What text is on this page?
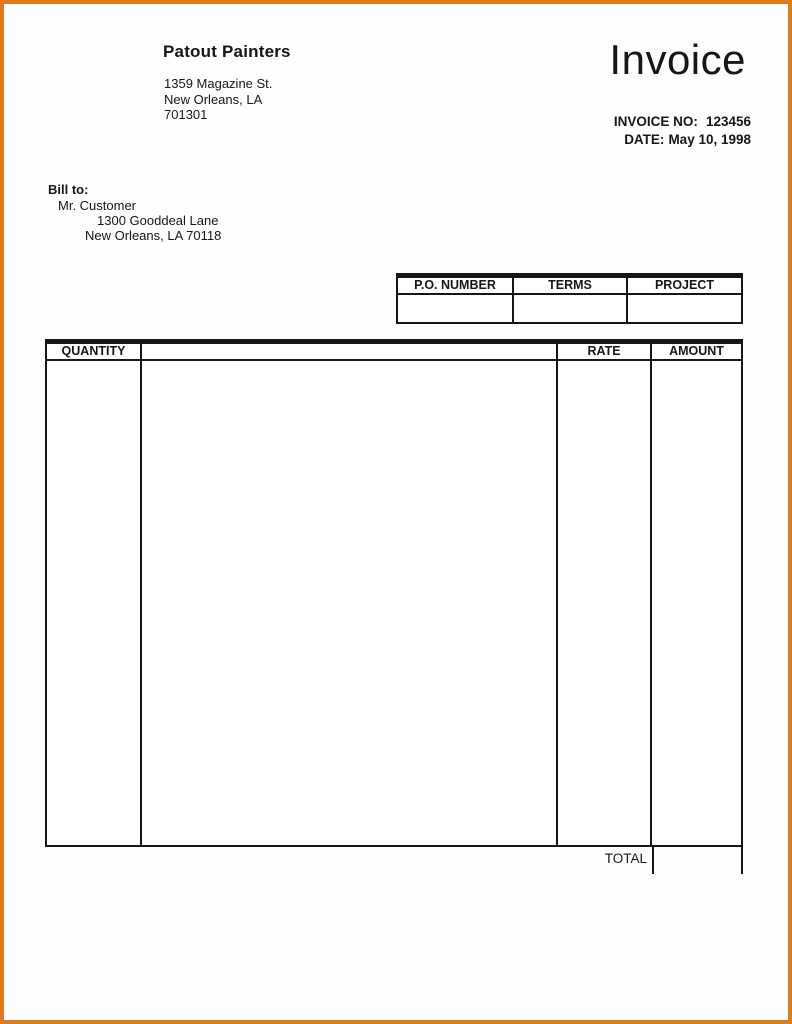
Patout Painters
1359 Magazine St.
New Orleans, LA
701301
Invoice
INVOICE NO: 123456
DATE: May 10, 1998
Bill to:
Mr. Customer
1300 Gooddeal Lane
New Orleans, LA 70118
P.O. NUMBER	TERMS	PROJECT
QUANTITY	RATE	AMOUNT
TOTAL
